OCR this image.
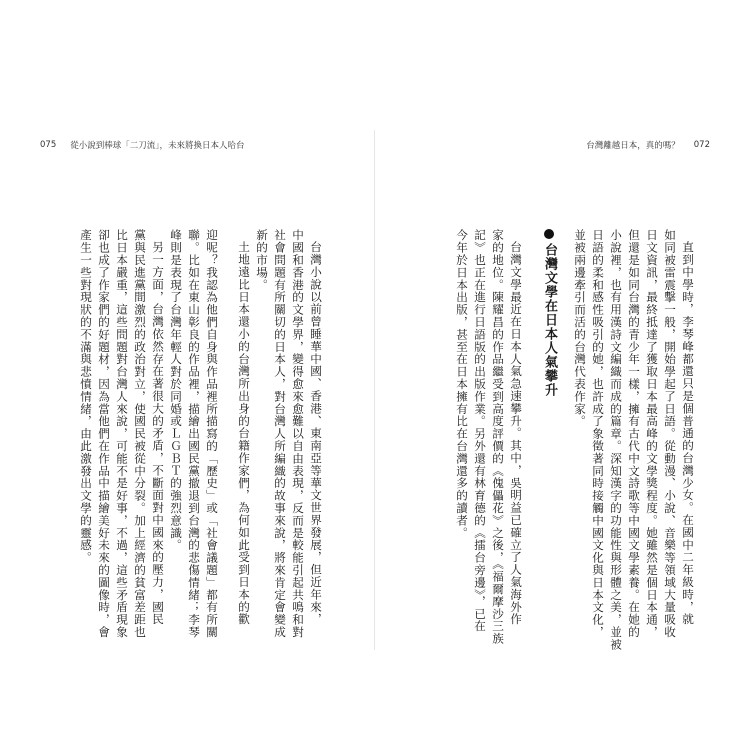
075 從小說到棒球「二刀流」，未來將換日本人哈台
台灣小說以前曾睡華中國、香港、東南亞等華文世界發展，但近年來，
中國和香港的文學界，變得愈來愈難以自由表現，反而是較能引起共鳴和對
社會問題有所關切的日本人，對台灣人所編織的故事來說，將來肯定會變成
新的市場。
土地遠比日本還小的台灣所出身的台籍作家們，為何如此受到日本的歡
迎呢？我認為他們自身與作品裡所描寫的「歷史」或「社會議題」都有所關
聯。比如在東山彰良的作品裡，描繪出國民黨撤退到台灣的悲傷情緒；李琴
峰則是表現了台灣年輕人對於同婚或ＬＧＢＴ的強烈意識。
另一方面，台灣依然存在著很大的矛盾，不斷面對中國來的壓力，國民
黨與民進黨間激烈的政治對立，使國民被從中分裂。加上經濟的貧富差距也
比日本嚴重，這些問題對台灣人來說，可能不是好事，不過，這些矛盾現象
卻也成了作家們的好題材，因為當他們在作品中描繪美好未來的圖像時，會
產生一些對現狀的不滿與悲憤情緒，由此激發出文學的靈感。
台灣離越日本，真的嗎？ 072
直到中學時，李琴峰都還只是個普通的台灣少女。在國中二年級時，就
如同被雷震擊一般，開始學起了日語。從動漫、小說、音樂等領域大量吸收
日文資訊，最終抵達了獲取日本最高峰的文學獎程度。她雖然是個日本通，
但還是如同台灣的青少年一樣，擁有古代中文詩歌等中國文學素養。在她的
小說裡，也有用漢詩文編織而成的篇章。深知漢字的功能性與形體之美，並被
日語的柔和感性吸引的她，也許成了象徵著同時接觸中國文化與日本文化，
並被兩邊牽引而活的台灣代表作家。
台灣文學在日本人氣攀升
台灣文學最近在日本人氣急速攀升。其中，吳明益已確立了人氣海外作
家的地位。陳耀昌的作品繼受到高度評價的《傀儡花》之後，《福爾摩沙三族
記》也正在進行日語版的出版作業。另外還有林育德的《擂台旁邊》，已在
今年於日本出版，甚至在日本擁有比在台灣還多的讀者。
